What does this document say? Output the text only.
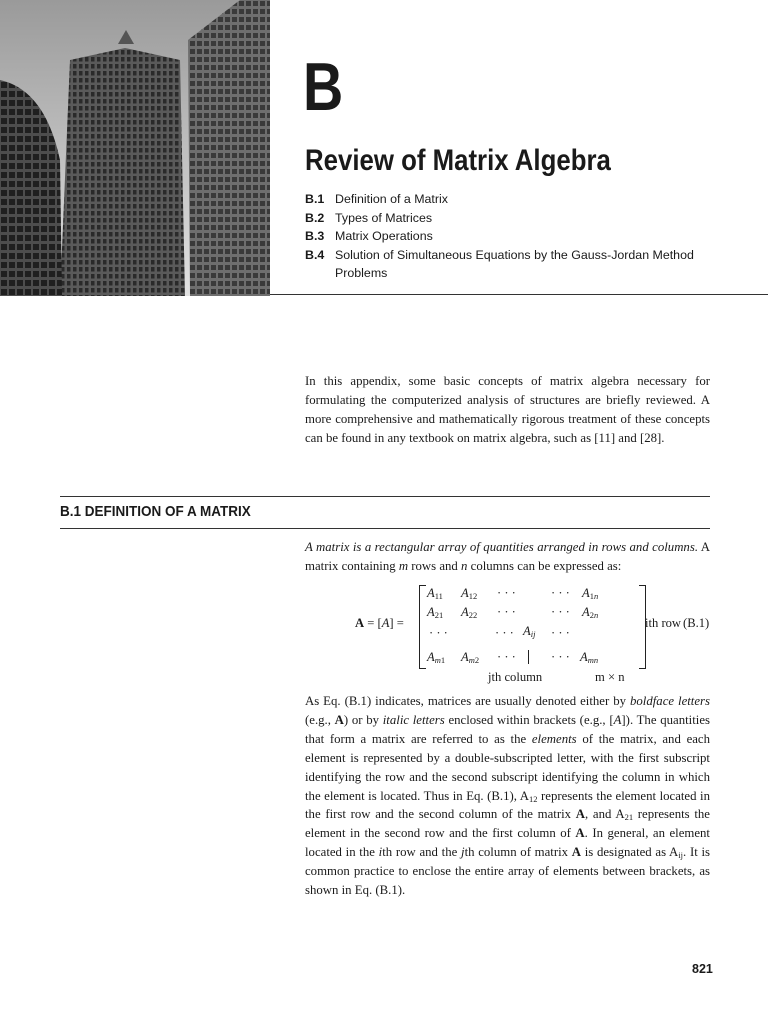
B
Review of Matrix Algebra
B.1 Definition of a Matrix
B.2 Types of Matrices
B.3 Matrix Operations
B.4 Solution of Simultaneous Equations by the Gauss-Jordan Method
Problems
In this appendix, some basic concepts of matrix algebra necessary for formulating the computerized analysis of structures are briefly reviewed. A more comprehensive and mathematically rigorous treatment of these concepts can be found in any textbook on matrix algebra, such as [11] and [28].
B.1 DEFINITION OF A MATRIX
A matrix is a rectangular array of quantities arranged in rows and columns. A matrix containing m rows and n columns can be expressed as:
A = [A] =
$A_{11}$ $A_{12}$ · · ·	· · · $A_{1n}$
$A_{21}$ $A_{22}$ · · ·	· · · $A_{2n}$
· · ·	· · · $A_{ij}$ · · ·
$A_{m1}$ $A_{m2}$ · · ·	· · · $A_{mn}$
ith row (B.1)
jth column	m × n
As Eq. (B.1) indicates, matrices are usually denoted either by boldface letters (e.g., A) or by italic letters enclosed within brackets (e.g., [A]). The quantities that form a matrix are referred to as the elements of the matrix, and each element is represented by a double-subscripted letter, with the first subscript identifying the row and the second subscript identifying the column in which the element is located. Thus in Eq. (B.1), $A_{12}$ represents the element located in the first row and the second column of the matrix A, and $A_{21}$ represents the element in the second row and the first column of A. In general, an element located in the ith row and the jth column of matrix A is designated as $A_{ij}$. It is common practice to enclose the entire array of elements between brackets, as shown in Eq. (B.1).
821
